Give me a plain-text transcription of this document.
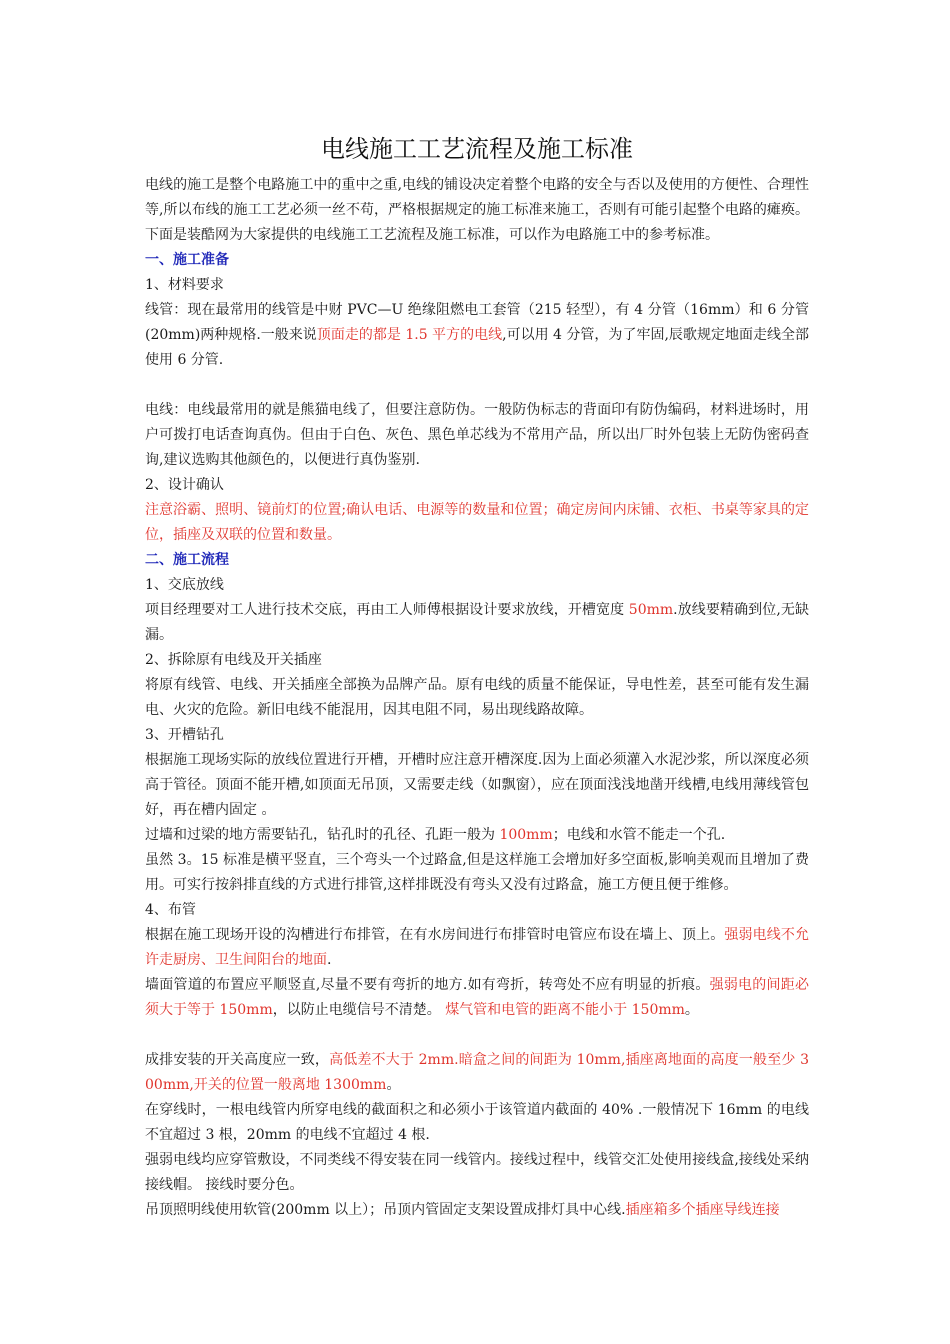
电线施工工艺流程及施工标准

电线的施工是整个电路施工中的重中之重,电线的铺设决定着整个电路的安全与否以及使用的方便性、合理性等,所以布线的施工工艺必须一丝不苟，严格根据规定的施工标准来施工，否则有可能引起整个电路的瘫痪。下面是装酷网为大家提供的电线施工工艺流程及施工标准，可以作为电路施工中的参考标准。

一、施工准备

1、材料要求

线管：现在最常用的线管是中财 PVC—U 绝缘阻燃电工套管（215 轻型），有 4 分管（16mm）和 6 分管(20mm)两种规格.一般来说顶面走的都是 1.5 平方的电线,可以用 4 分管，为了牢固,辰歌规定地面走线全部使用 6 分管.

电线：电线最常用的就是熊猫电线了，但要注意防伪。一般防伪标志的背面印有防伪编码，材料进场时，用户可拨打电话查询真伪。但由于白色、灰色、黑色单芯线为不常用产品，所以出厂时外包装上无防伪密码查询,建议选购其他颜色的，以便进行真伪鉴别.

2、设计确认

注意浴霸、照明、镜前灯的位置;确认电话、电源等的数量和位置；确定房间内床铺、衣柜、书桌等家具的定位，插座及双联的位置和数量。

二、施工流程

1、交底放线

项目经理要对工人进行技术交底，再由工人师傅根据设计要求放线，开槽宽度 50mm.放线要精确到位,无缺漏。

2、拆除原有电线及开关插座

将原有线管、电线、开关插座全部换为品牌产品。原有电线的质量不能保证，导电性差，甚至可能有发生漏电、火灾的危险。新旧电线不能混用，因其电阻不同，易出现线路故障。

3、开槽钻孔

根据施工现场实际的放线位置进行开槽，开槽时应注意开槽深度.因为上面必须灌入水泥沙浆，所以深度必须高于管径。顶面不能开槽,如顶面无吊顶，又需要走线（如飘窗），应在顶面浅浅地凿开线槽,电线用薄线管包好，再在槽内固定 。

过墙和过梁的地方需要钻孔，钻孔时的孔径、孔距一般为 100mm；电线和水管不能走一个孔.

虽然 3。15 标准是横平竖直，三个弯头一个过路盒,但是这样施工会增加好多空面板,影响美观而且增加了费用。可实行按斜排直线的方式进行排管,这样排既没有弯头又没有过路盒，施工方便且便于维修。

4、布管

根据在施工现场开设的沟槽进行布排管，在有水房间进行布排管时电管应布设在墙上、顶上。强弱电线不允许走厨房、卫生间阳台的地面.

墙面管道的布置应平顺竖直,尽量不要有弯折的地方.如有弯折，转弯处不应有明显的折痕。强弱电的间距必须大于等于 150mm，以防止电缆信号不清楚。 煤气管和电管的距离不能小于 150mm。

成排安装的开关高度应一致，高低差不大于 2mm.暗盒之间的间距为 10mm,插座离地面的高度一般至少 300mm,开关的位置一般离地 1300mm。

在穿线时，一根电线管内所穿电线的截面积之和必须小于该管道内截面的 40% .一般情况下 16mm 的电线不宜超过 3 根，20mm 的电线不宜超过 4 根.

强弱电线均应穿管敷设，不同类线不得安装在同一线管内。接线过程中，线管交汇处使用接线盒,接线处采纳接线帽。 接线时要分色。

吊顶照明线使用软管(200mm 以上）；吊顶内管固定支架设置成排灯具中心线.插座箱多个插座导线连接
